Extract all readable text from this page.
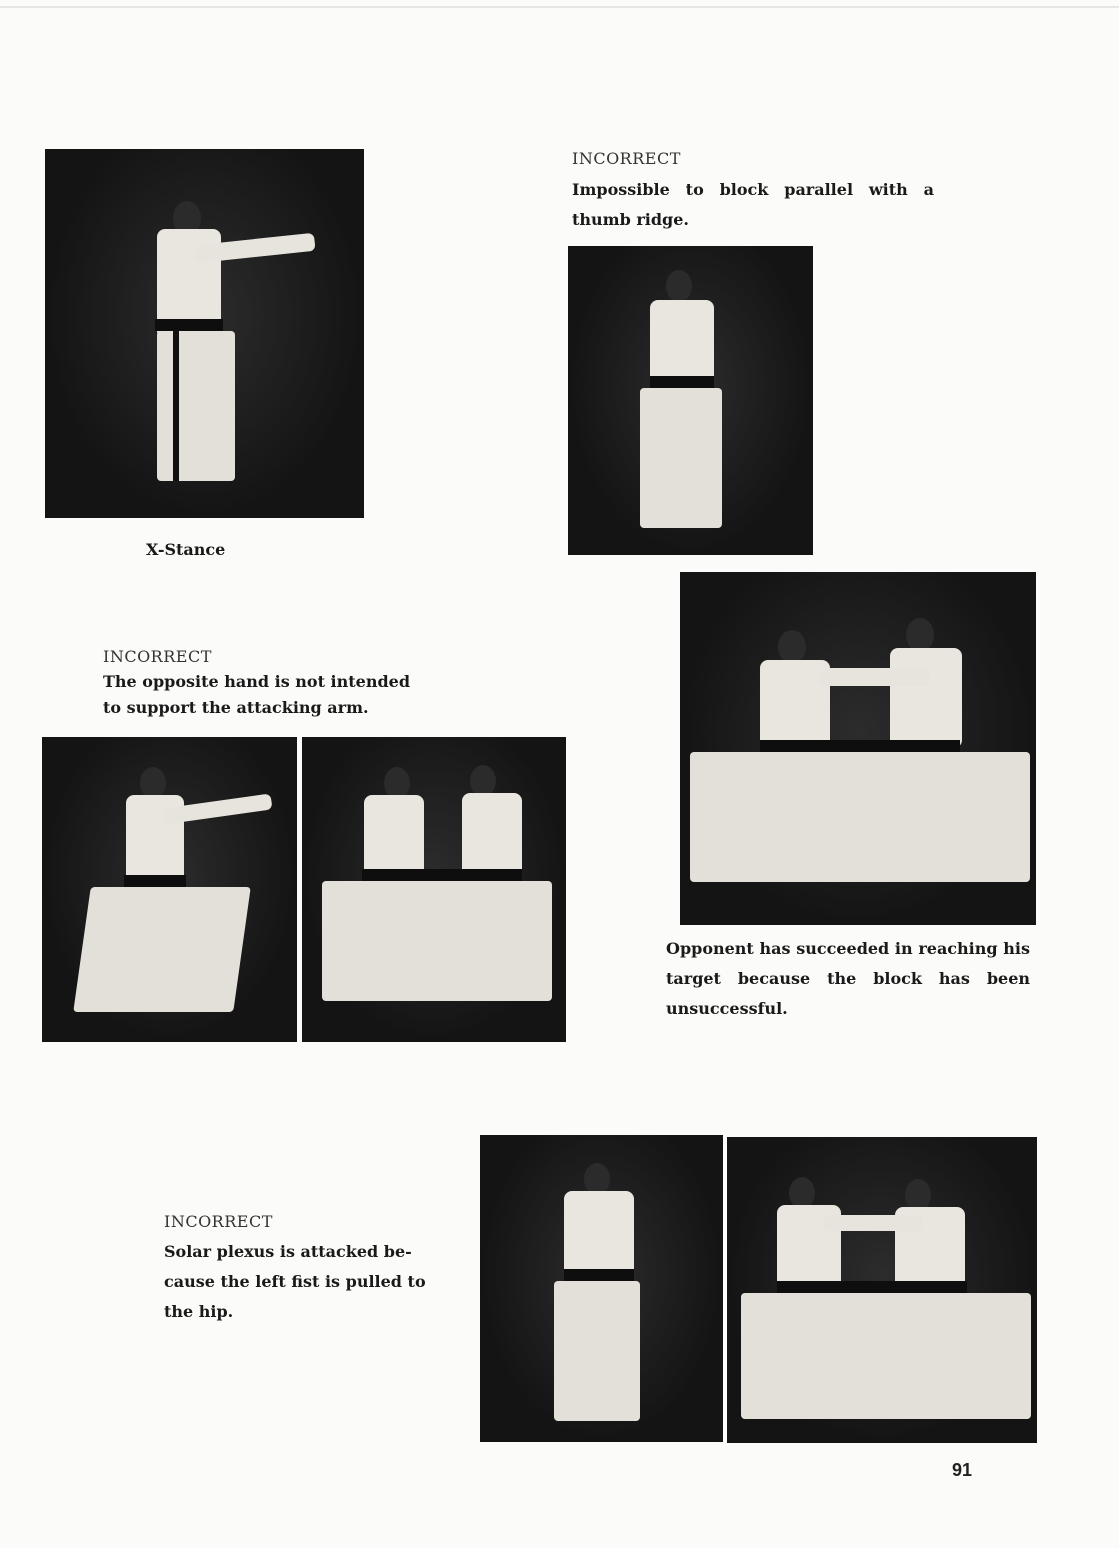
X-Stance
INCORRECT
Impossible to block parallel with a thumb ridge.
INCORRECT
The opposite hand is not intended
to support the attacking arm.
Opponent has succeeded in reaching his target because the block has been unsuccessful.
INCORRECT
Solar plexus is attacked be-
cause the left fist is pulled to
the hip.
91
